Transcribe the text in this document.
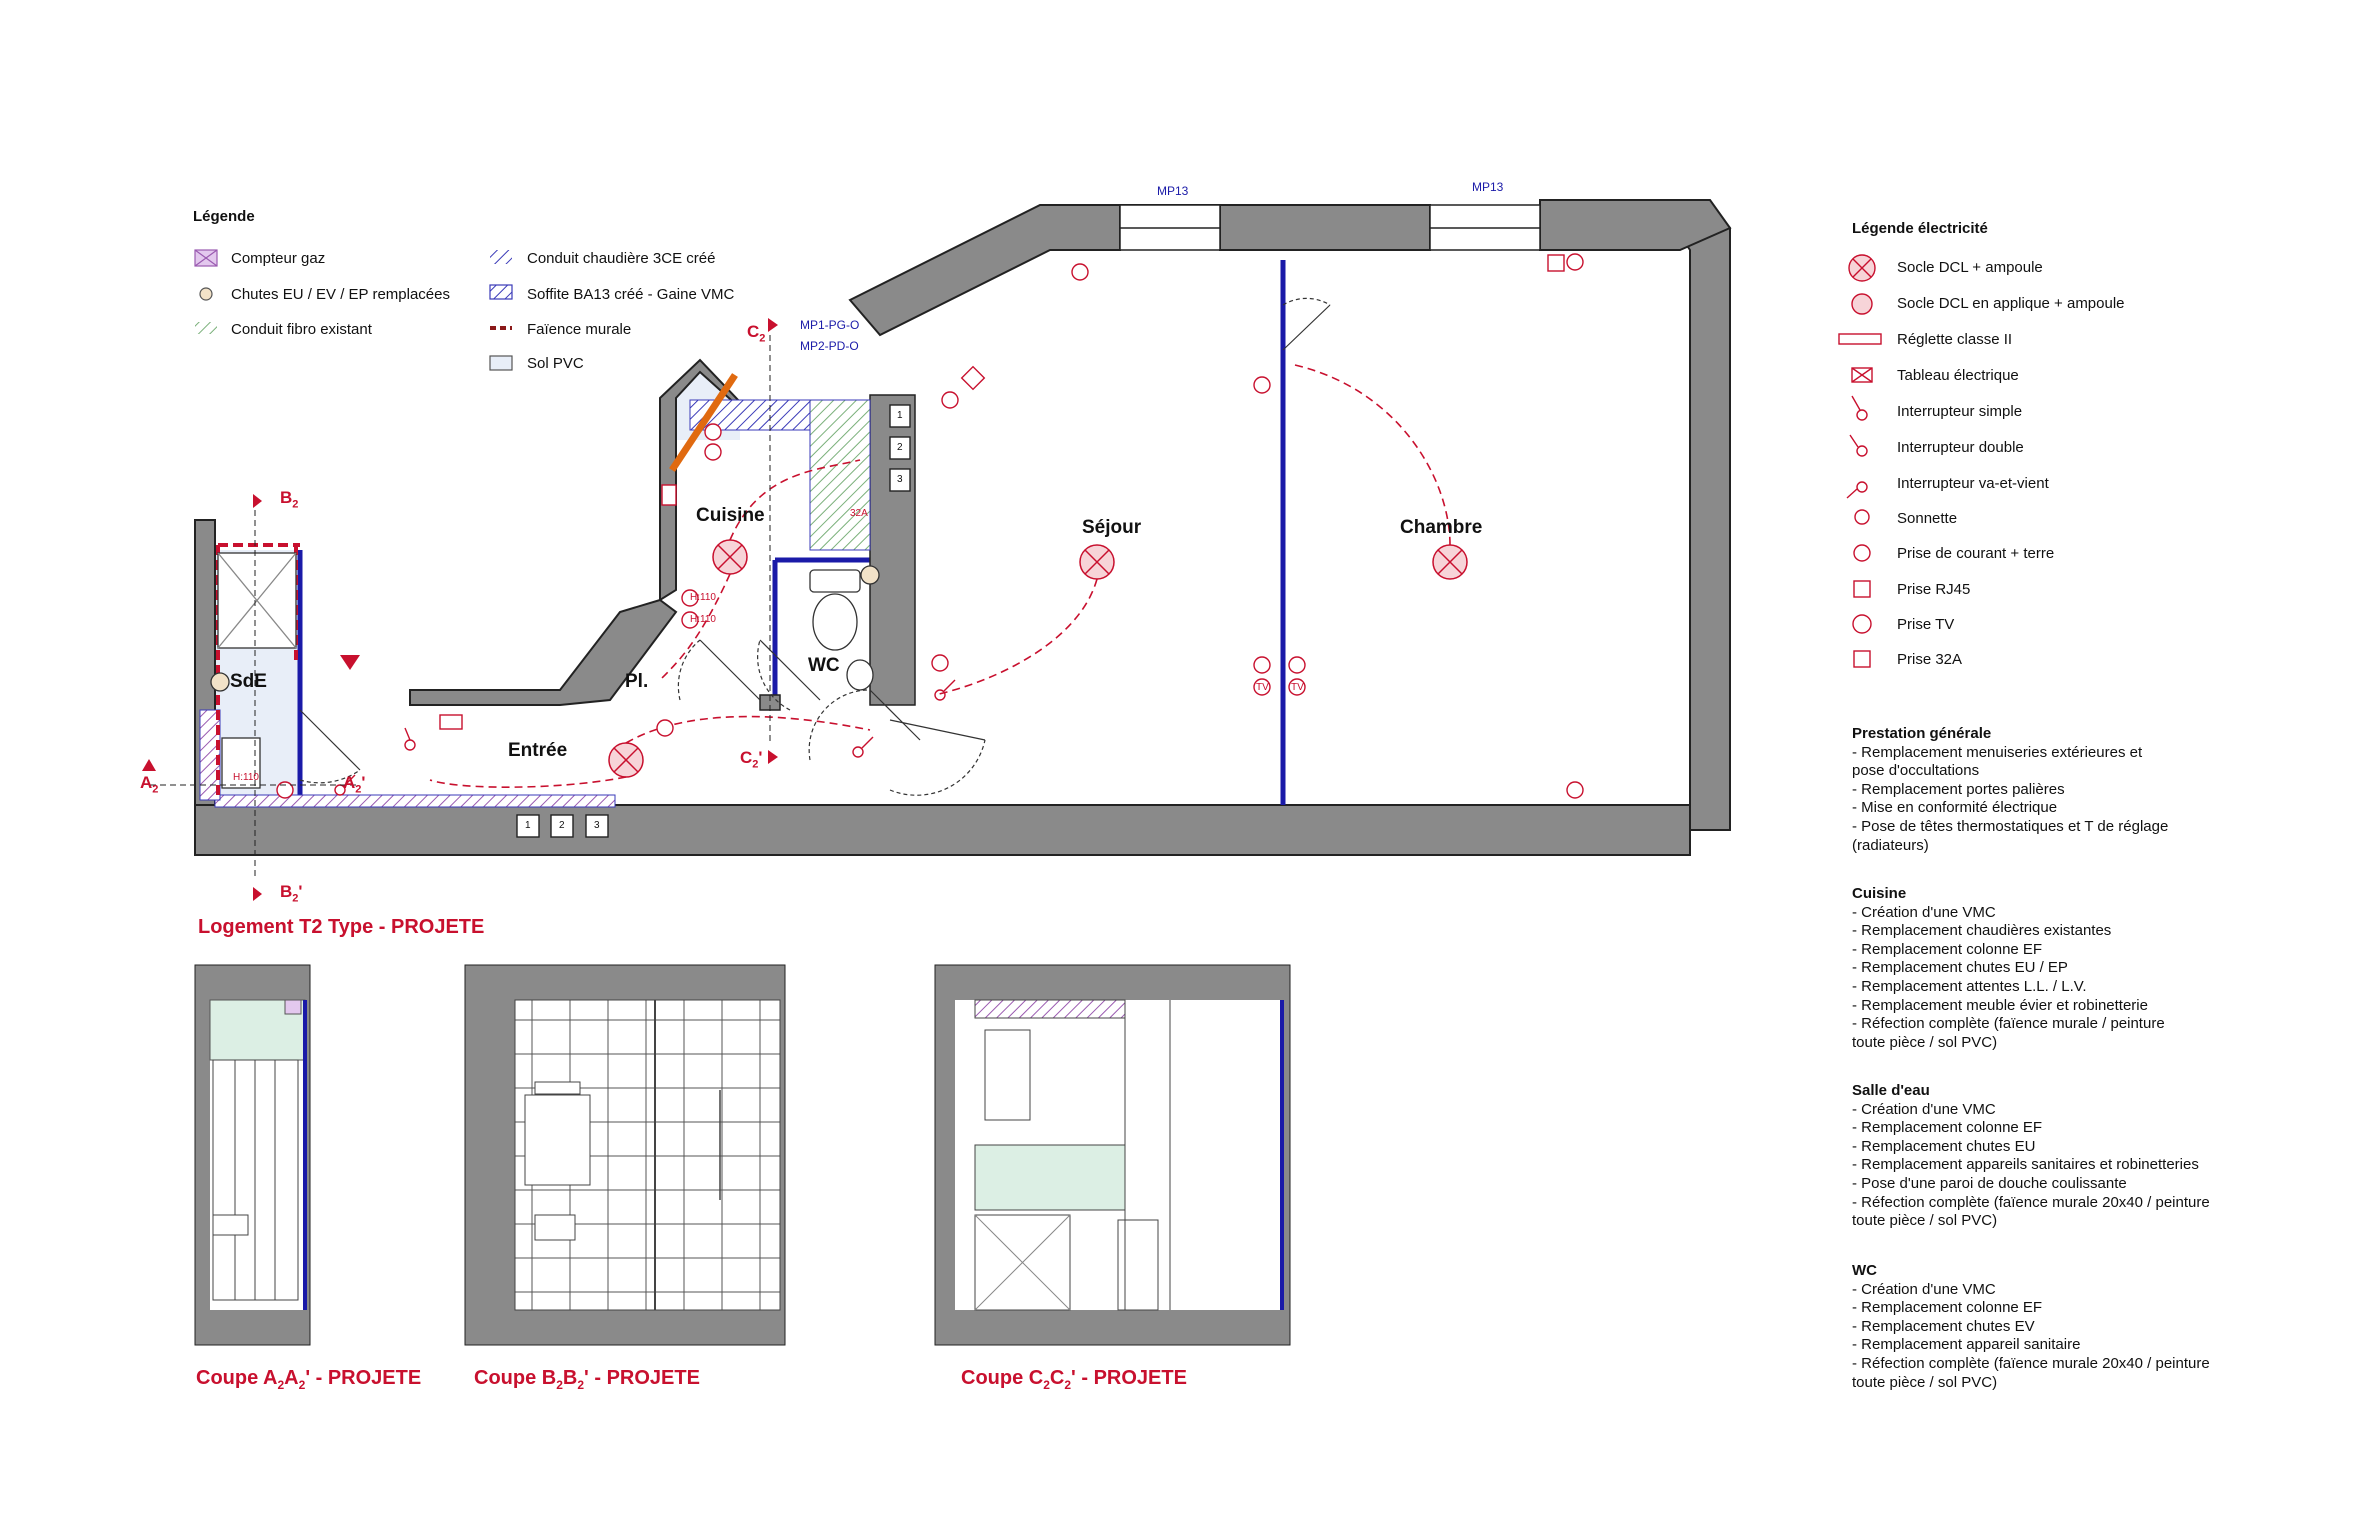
Légende
Compteur gaz
Chutes EU / EV / EP remplacées
Conduit fibro existant
Conduit chaudière 3CE créé
Soffite BA13 créé - Gaine VMC
Faïence murale
Sol PVC
Légende électricité
Socle DCL + ampoule
Socle DCL en applique + ampoule
Réglette classe II
Tableau électrique
Interrupteur simple
Interrupteur double
Interrupteur va-et-vient
Sonnette
Prise de courant + terre
Prise RJ45
Prise TV
Prise 32A
Séjour	Chambre
Cuisine
Entrée
WC
SdE	Pl.
MP13	MP13
MP1-PG-O
MP2-PD-O
H:110
H:110
H:110
TV TV
32A
1
2
3
1	2	3
$B_2$
$B_2'$
$A_2$	$A_2'$
$C_2$
$C_2'$
Logement T2 Type - PROJETE
Coupe $A_2A_2'$ - PROJETE	Coupe $B_2B_2'$ - PROJETE	Coupe $C_2C_2'$ - PROJETE
Prestation générale
- Remplacement menuiseries extérieures et
pose d'occultations
- Remplacement portes palières
- Mise en conformité électrique
- Pose de têtes thermostatiques et T de réglage
(radiateurs)
Cuisine
- Création d'une VMC
- Remplacement chaudières existantes
- Remplacement colonne EF
- Remplacement chutes EU / EP
- Remplacement attentes L.L. / L.V.
- Remplacement meuble évier et robinetterie
- Réfection complète (faïence murale / peinture
toute pièce / sol PVC)
Salle d'eau
- Création d'une VMC
- Remplacement colonne EF
- Remplacement chutes EU
- Remplacement appareils sanitaires et robinetteries
- Pose d'une paroi de douche coulissante
- Réfection complète (faïence murale 20x40 / peinture
toute pièce / sol PVC)
WC
- Création d'une VMC
- Remplacement colonne EF
- Remplacement chutes EV
- Remplacement appareil sanitaire
- Réfection complète (faïence murale 20x40 / peinture
toute pièce / sol PVC)
